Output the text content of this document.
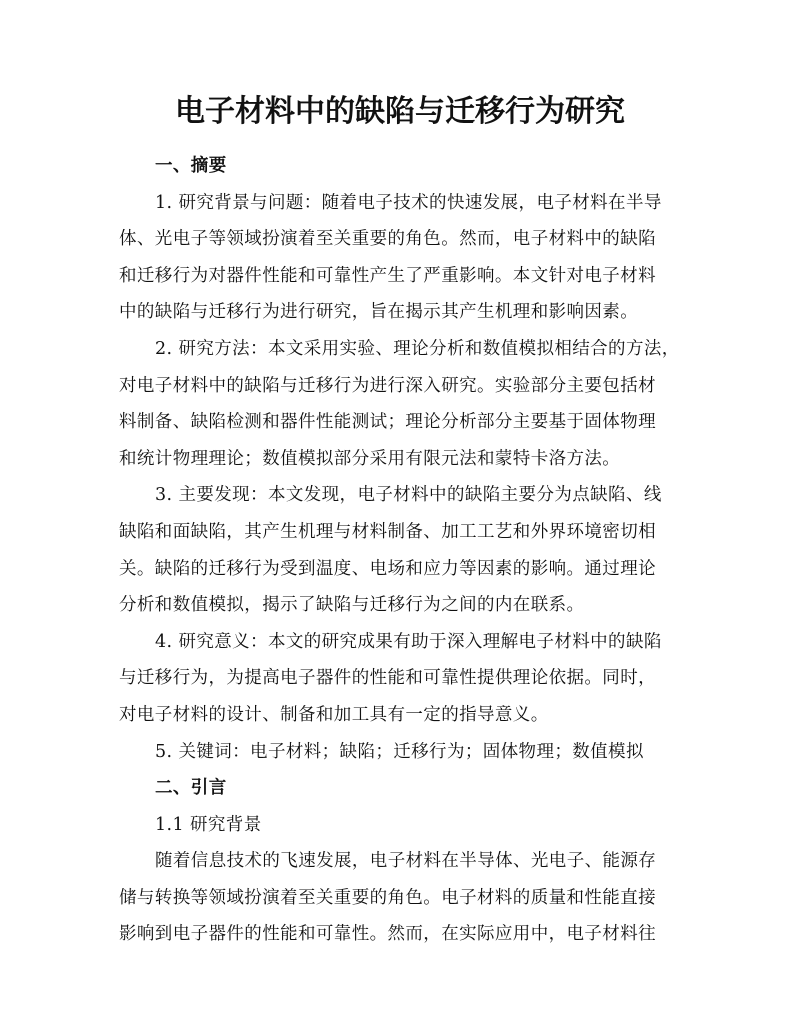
电子材料中的缺陷与迁移行为研究
一、摘要
1. 研究背景与问题：随着电子技术的快速发展，电子材料在半导
体、光电子等领域扮演着至关重要的角色。然而，电子材料中的缺陷
和迁移行为对器件性能和可靠性产生了严重影响。本文针对电子材料
中的缺陷与迁移行为进行研究，旨在揭示其产生机理和影响因素。
2. 研究方法：本文采用实验、理论分析和数值模拟相结合的方法，
对电子材料中的缺陷与迁移行为进行深入研究。实验部分主要包括材
料制备、缺陷检测和器件性能测试；理论分析部分主要基于固体物理
和统计物理理论；数值模拟部分采用有限元法和蒙特卡洛方法。
3. 主要发现：本文发现，电子材料中的缺陷主要分为点缺陷、线
缺陷和面缺陷，其产生机理与材料制备、加工工艺和外界环境密切相
关。缺陷的迁移行为受到温度、电场和应力等因素的影响。通过理论
分析和数值模拟，揭示了缺陷与迁移行为之间的内在联系。
4. 研究意义：本文的研究成果有助于深入理解电子材料中的缺陷
与迁移行为，为提高电子器件的性能和可靠性提供理论依据。同时，
对电子材料的设计、制备和加工具有一定的指导意义。
5. 关键词：电子材料；缺陷；迁移行为；固体物理；数值模拟
二、引言
1.1 研究背景
随着信息技术的飞速发展，电子材料在半导体、光电子、能源存
储与转换等领域扮演着至关重要的角色。电子材料的质量和性能直接
影响到电子器件的性能和可靠性。然而，在实际应用中，电子材料往
